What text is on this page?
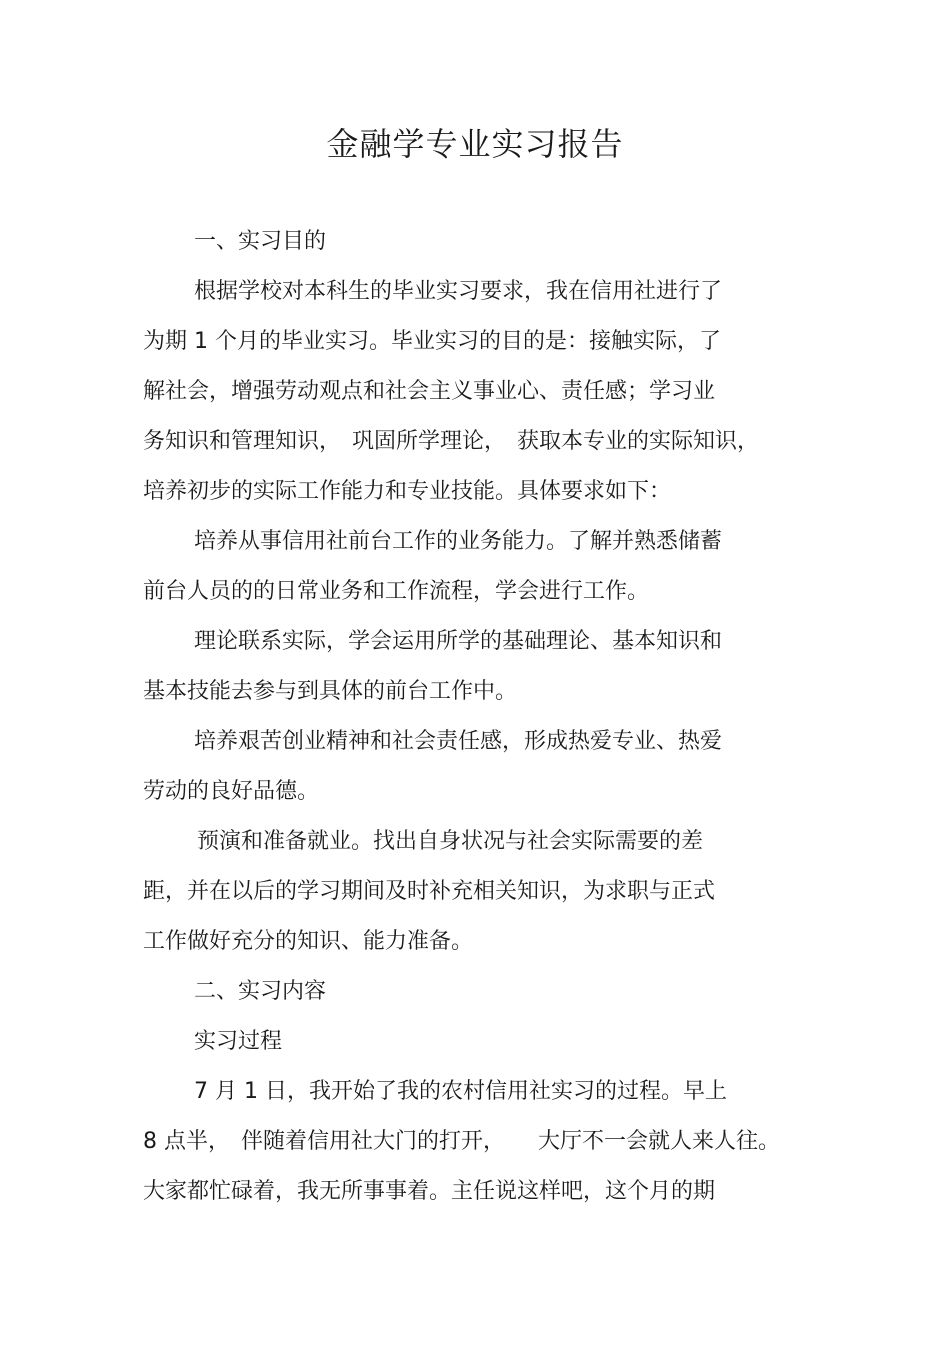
金融学专业实习报告
一、实习目的
根据学校对本科生的毕业实习要求，我在信用社进行了
为期 1 个月的毕业实习。毕业实习的目的是：接触实际，了
解社会，增强劳动观点和社会主义事业心、责任感；学习业
务知识和管理知识，　巩固所学理论，　获取本专业的实际知识，
培养初步的实际工作能力和专业技能。具体要求如下：
培养从事信用社前台工作的业务能力。了解并熟悉储蓄
前台人员的的日常业务和工作流程，学会进行工作。
理论联系实际，学会运用所学的基础理论、基本知识和
基本技能去参与到具体的前台工作中。
培养艰苦创业精神和社会责任感，形成热爱专业、热爱
劳动的良好品德。
预演和准备就业。找出自身状况与社会实际需要的差
距，并在以后的学习期间及时补充相关知识，为求职与正式
工作做好充分的知识、能力准备。
二、实习内容
实习过程
7 月 1 日，我开始了我的农村信用社实习的过程。早上
8 点半，　伴随着信用社大门的打开，　　大厅不一会就人来人往。
大家都忙碌着，我无所事事着。主任说这样吧，这个月的期
